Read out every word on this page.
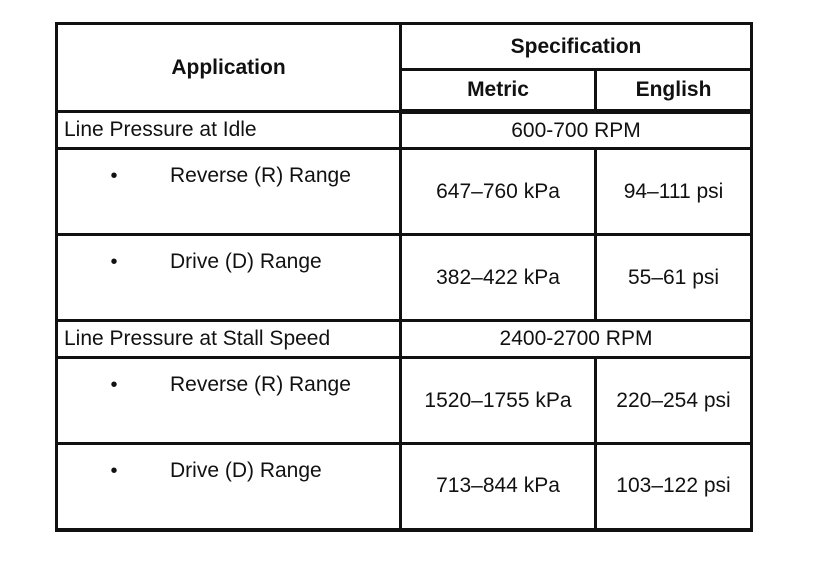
Application	Specification	
	Metric	English
Line Pressure at Idle	600-700 RPM	
• Reverse (R) Range	647–760 kPa	94–111 psi
• Drive (D) Range	382–422 kPa	55–61 psi
Line Pressure at Stall Speed	2400-2700 RPM	
• Reverse (R) Range	1520–1755 kPa	220–254 psi
• Drive (D) Range	713–844 kPa	103–122 psi
